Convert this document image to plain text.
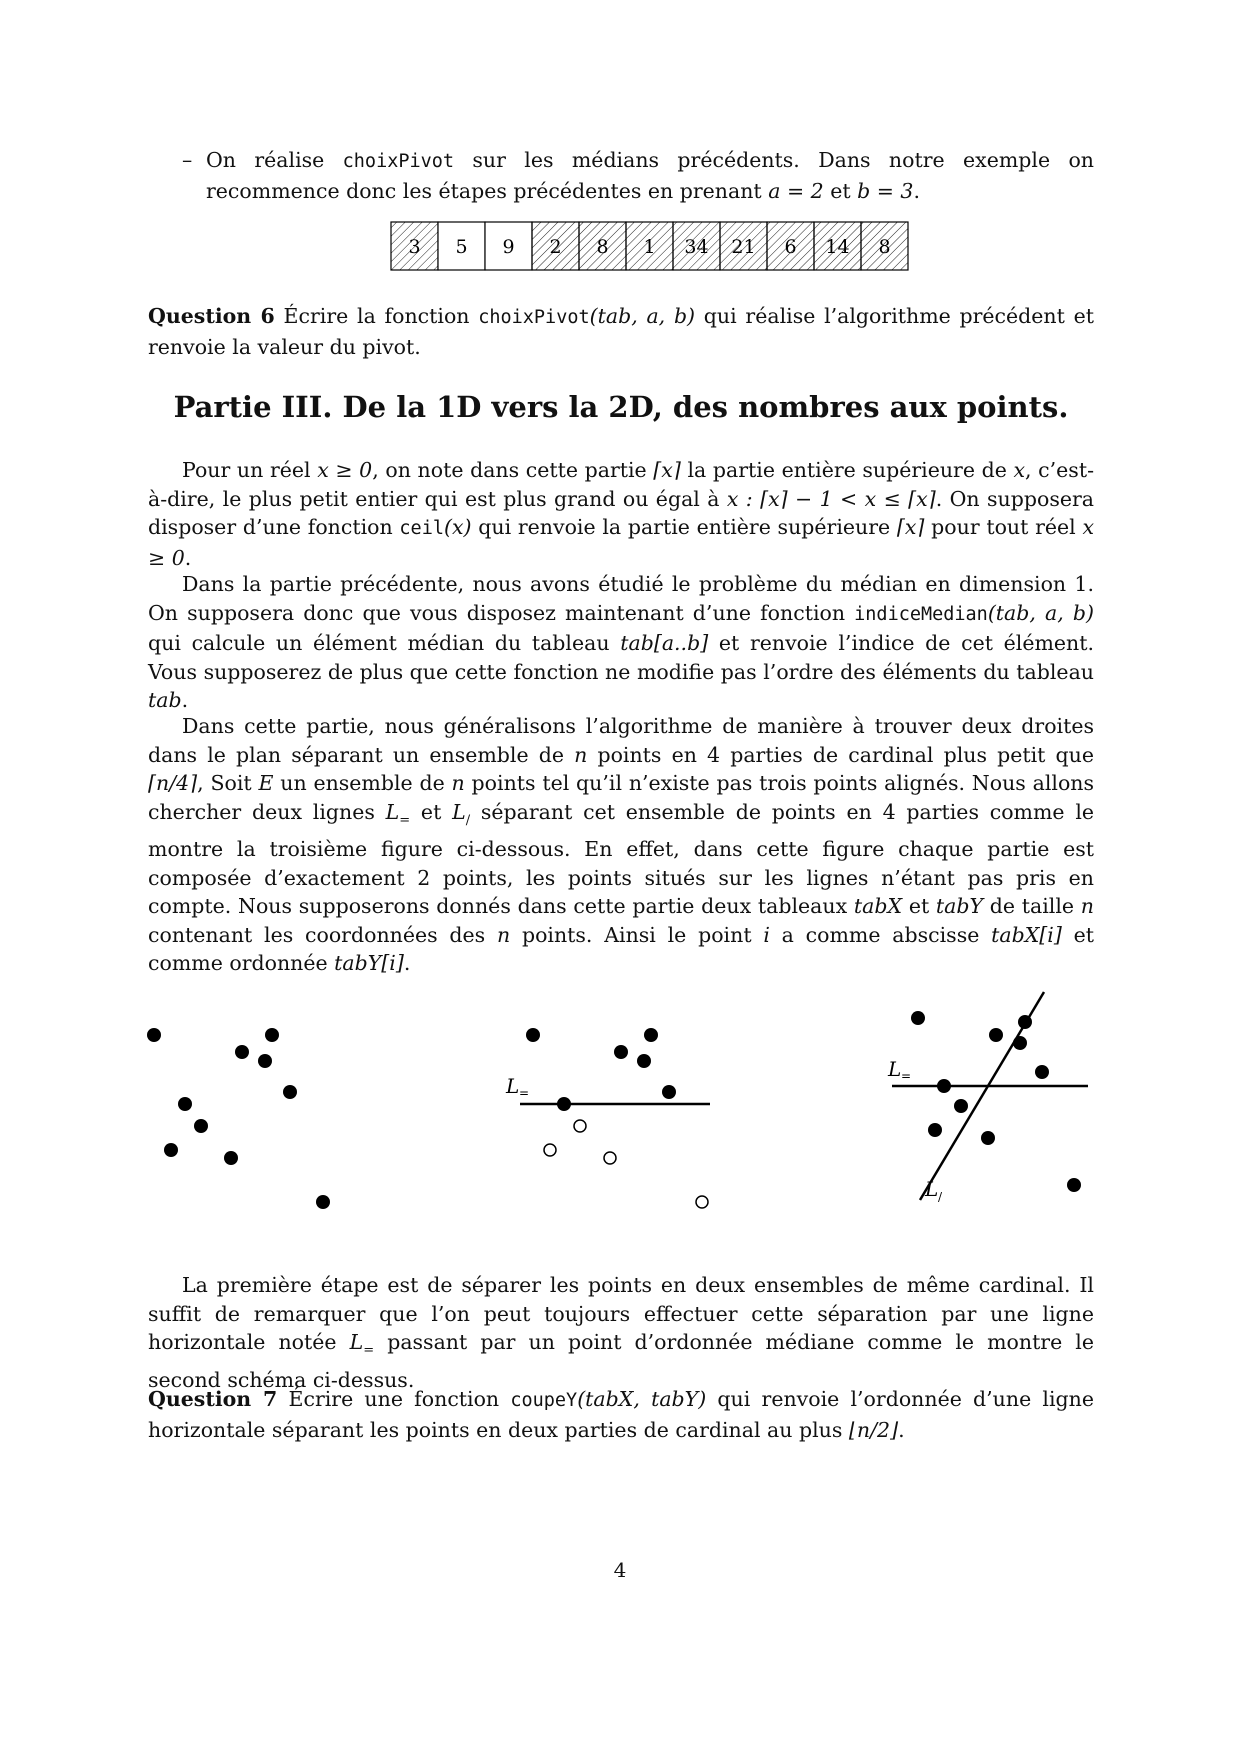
– On réalise choixPivot sur les médians précédents. Dans notre exemple on recommence donc les étapes précédentes en prenant a = 2 et b = 3.
3 5 9 2 8 1 34 21 6 14 8
Question 6 Écrire la fonction choixPivot(tab, a, b) qui réalise l’algorithme précédent et renvoie la valeur du pivot.
Partie III. De la 1D vers la 2D, des nombres aux points.
Pour un réel x ≥ 0, on note dans cette partie ⌈x⌉ la partie entière supérieure de x, c’est-à-dire, le plus petit entier qui est plus grand ou égal à x : ⌈x⌉ − 1 < x ≤ ⌈x⌉. On supposera disposer d’une fonction ceil(x) qui renvoie la partie entière supérieure ⌈x⌉ pour tout réel x ≥ 0.
Dans la partie précédente, nous avons étudié le problème du médian en dimension 1. On supposera donc que vous disposez maintenant d’une fonction indiceMedian(tab, a, b) qui calcule un élément médian du tableau tab[a..b] et renvoie l’indice de cet élément. Vous supposerez de plus que cette fonction ne modifie pas l’ordre des éléments du tableau tab.
Dans cette partie, nous généralisons l’algorithme de manière à trouver deux droites dans le plan séparant un ensemble de n points en 4 parties de cardinal plus petit que ⌈n/4⌉, Soit E un ensemble de n points tel qu’il n’existe pas trois points alignés. Nous allons chercher deux lignes $L_=$ et $L_/$ séparant cet ensemble de points en 4 parties comme le montre la troisième figure ci-dessous. En effet, dans cette figure chaque partie est composée d’exactement 2 points, les points situés sur les lignes n’étant pas pris en compte. Nous supposerons donnés dans cette partie deux tableaux tabX et tabY de taille n contenant les coordonnées des n points. Ainsi le point i a comme abscisse tabX[i] et comme ordonnée tabY[i].
L =
L =
L /
La première étape est de séparer les points en deux ensembles de même cardinal. Il suffit de remarquer que l’on peut toujours effectuer cette séparation par une ligne horizontale notée $L_=$ passant par un point d’ordonnée médiane comme le montre le second schéma ci-dessus.
Question 7 Écrire une fonction coupeY(tabX, tabY) qui renvoie l’ordonnée d’une ligne horizontale séparant les points en deux parties de cardinal au plus ⌊n/2⌋.
4
